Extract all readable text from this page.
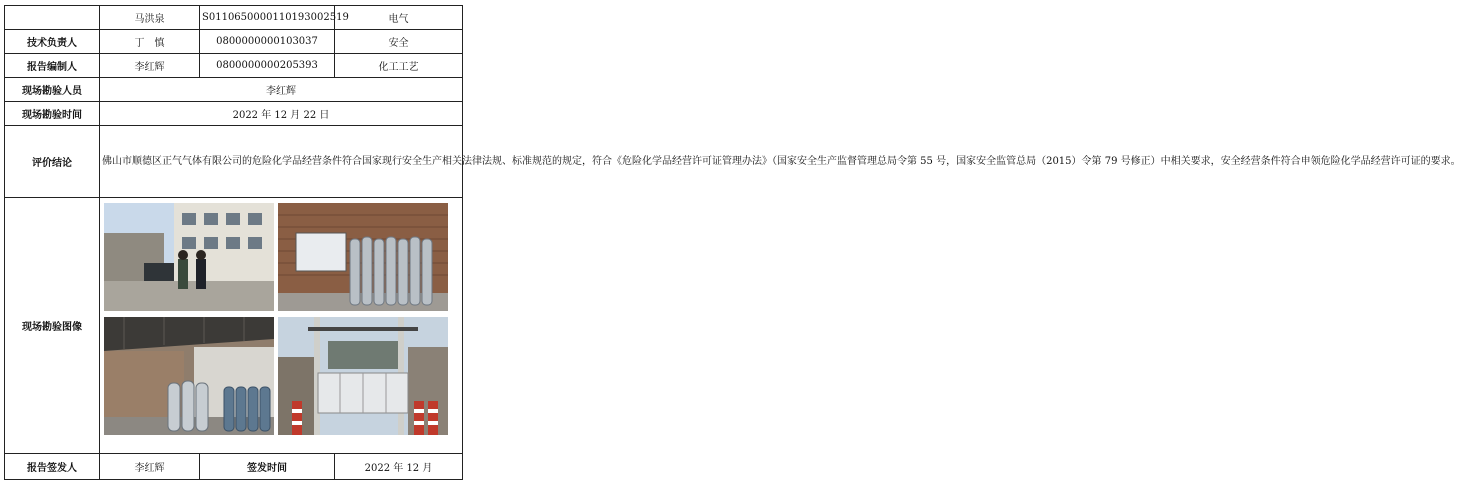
	马洪泉	S011065000011019300251​9	电气
技术负责人	丁　慎	080000000010303​7	安全
报告编制人	李红辉	080000000020539​3	化工工艺
现场勘验人员	李红辉		
现场勘验时间	2022 年 12 月 22 日		
评价结论	佛山市顺德区正气气体有限公司的危险化学品经营条件符合国家现行安全生产相关法律法规、标准规范的规定，符合《危险化学品经营许可证管理办法》（国家安全生产监督管理总局令第 55 号，国家安全监管总局（2015）令第 79 号修正）中相关要求，安全经营条件符合申领危险化学品经营许可证的要求。		
现场勘验图像	

报告签发人	李红辉	签发时间	2022 年 12 月
